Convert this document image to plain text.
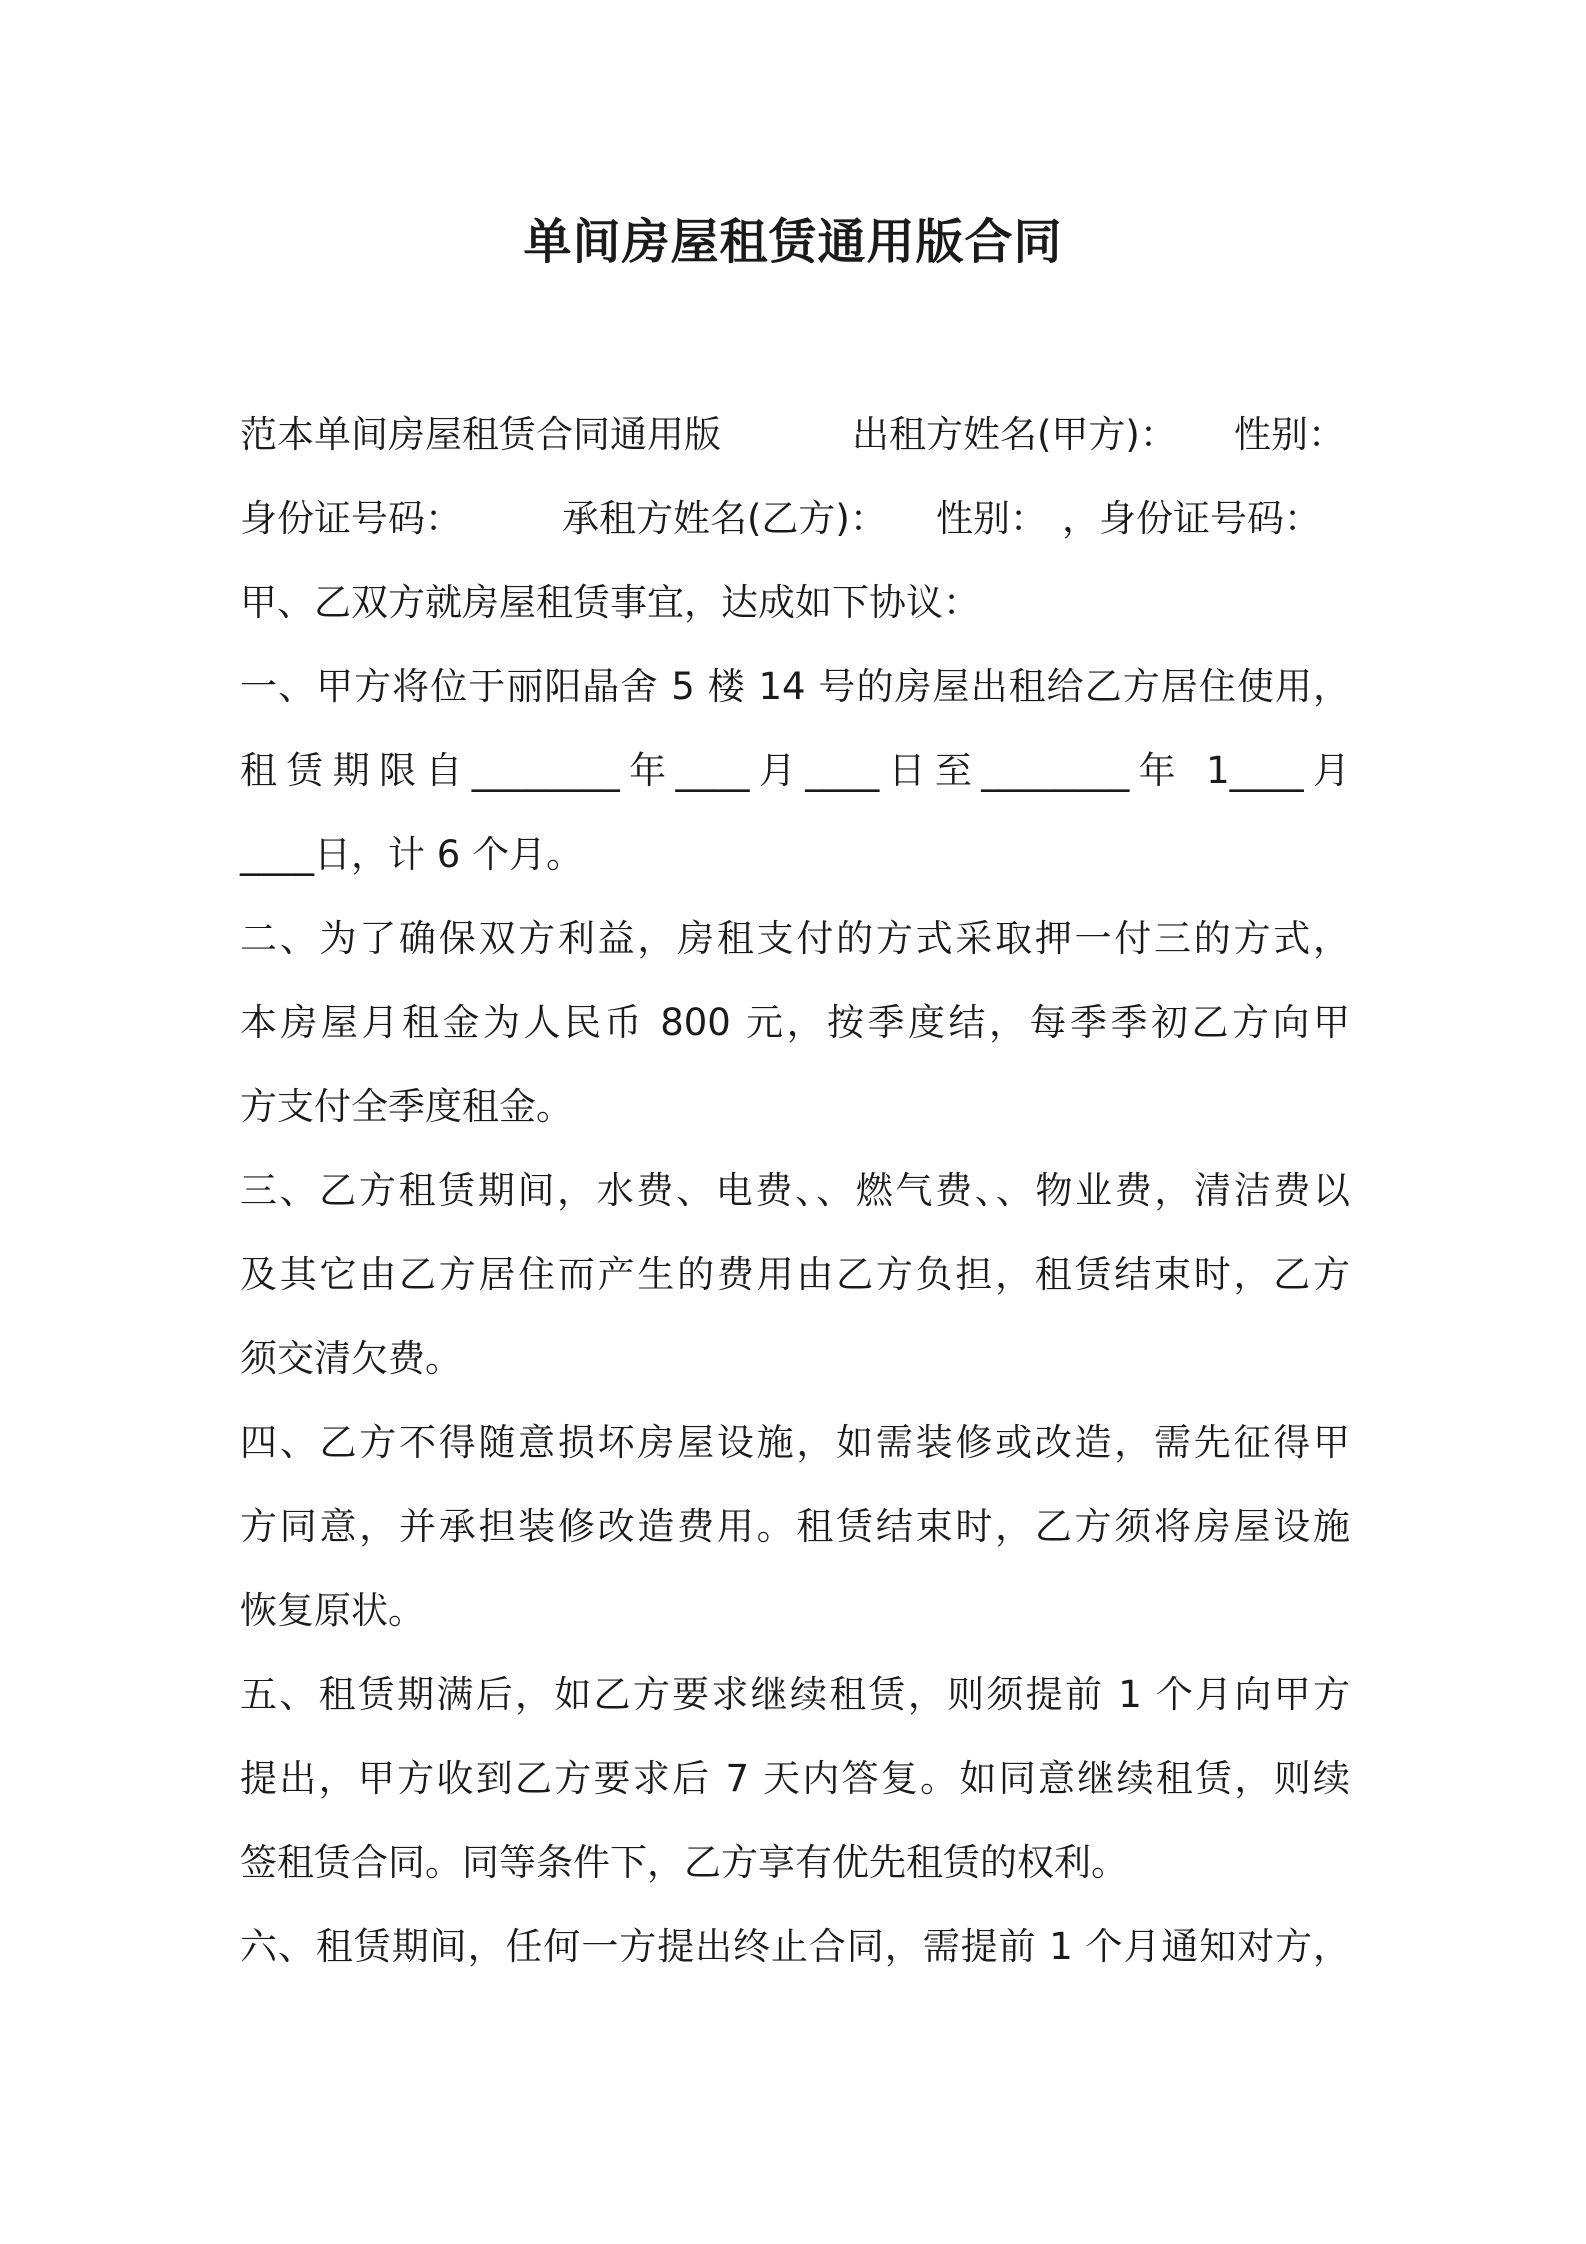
单间房屋租赁通用版合同
范本单间房屋租赁合同通用版	出租方姓名(甲方)： 性别：
身份证号码：	承租方姓名(乙方)： 性别： ，身份证号码：
甲、乙双方就房屋租赁事宜，达成如下协议：
一、甲方将位于丽阳晶舍 5 楼 14 号的房屋出租给乙方居住使用，
租赁期限自________年____月____日至________年 1____月
____日，计 6 个月。
二、为了确保双方利益，房租支付的方式采取押一付三的方式，
本房屋月租金为人民币 800 元，按季度结，每季季初乙方向甲
方支付全季度租金。
三、乙方租赁期间，水费、电费、、燃气费、、物业费，清洁费以
及其它由乙方居住而产生的费用由乙方负担，租赁结束时，乙方
须交清欠费。
四、乙方不得随意损坏房屋设施，如需装修或改造，需先征得甲
方同意，并承担装修改造费用。租赁结束时，乙方须将房屋设施
恢复原状。
五、租赁期满后，如乙方要求继续租赁，则须提前 1 个月向甲方
提出，甲方收到乙方要求后 7 天内答复。如同意继续租赁，则续
签租赁合同。同等条件下，乙方享有优先租赁的权利。
六、租赁期间，任何一方提出终止合同，需提前 1 个月通知对方，
